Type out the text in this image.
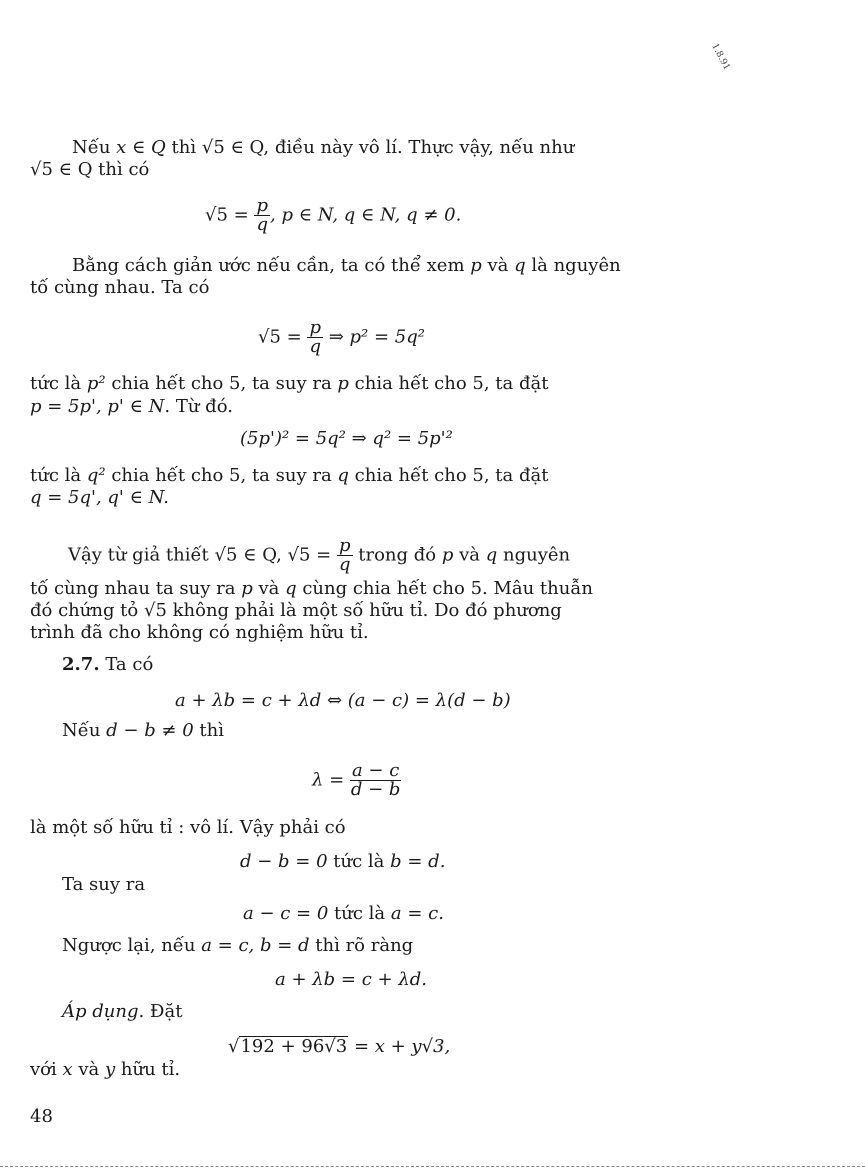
1.8.91
Nếu x ∈ Q thì √5 ∈ Q, điều này vô lí. Thực vậy, nếu như
√5 ∈ Q thì có
$√5 = \frac{p}{q}$ , p ∈ N, q ∈ N, q ≠ 0.
Bằng cách giản ước nếu cần, ta có thể xem p và q là nguyên
tố cùng nhau. Ta có
$√5 = \frac{p}{q}$ ⇒ p² = 5q²
tức là p² chia hết cho 5, ta suy ra p chia hết cho 5, ta đặt
p = 5p', p' ∈ N. Từ đó.
(5p')² = 5q² ⇒ q² = 5p'²
tức là q² chia hết cho 5, ta suy ra q chia hết cho 5, ta đặt
q = 5q', q' ∈ N.
Vậy từ giả thiết √5 ∈ Q, $√5 = \frac{p}{q}$ trong đó p và q nguyên
tố cùng nhau ta suy ra p và q cùng chia hết cho 5. Mâu thuẫn
đó chứng tỏ √5 không phải là một số hữu tỉ. Do đó phương
trình đã cho không có nghiệm hữu tỉ.
2.7. Ta có
a + λb = c + λd ⇔ (a − c) = λ(d − b)
Nếu d − b ≠ 0 thì
$\lambda = \frac{a - c}{d - b}$
là một số hữu tỉ : vô lí. Vậy phải có
d − b = 0 tức là b = d.
Ta suy ra
a − c = 0 tức là a = c.
Ngược lại, nếu a = c, b = d thì rõ ràng
a + λb = c + λd.
Áp dụng. Đặt
√192 + 96√3 = x + y√3,
với x và y hữu tỉ.
48
